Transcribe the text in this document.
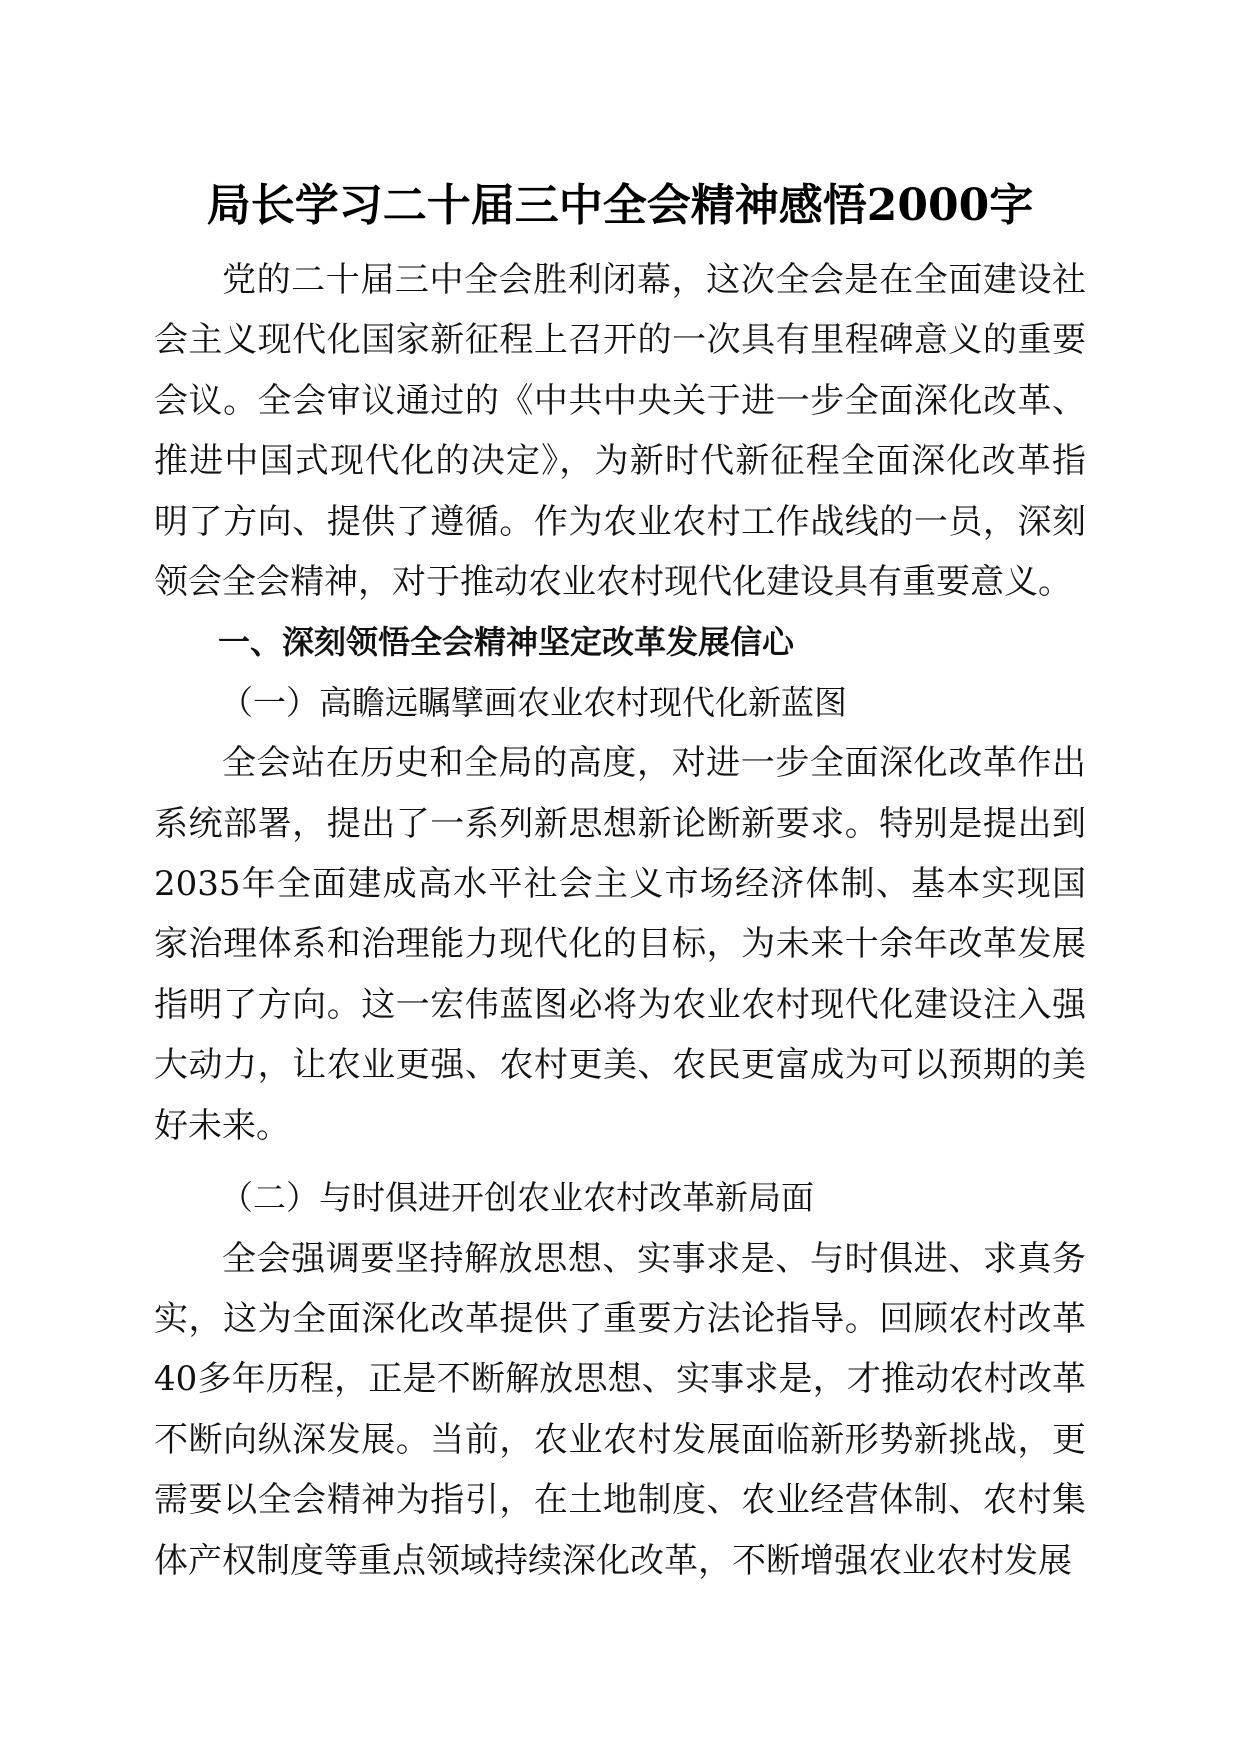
局长学习二十届三中全会精神感悟2000字

党的二十届三中全会胜利闭幕，这次全会是在全面建设社会主义现代化国家新征程上召开的一次具有里程碑意义的重要会议。全会审议通过的《中共中央关于进一步全面深化改革、推进中国式现代化的决定》，为新时代新征程全面深化改革指明了方向、提供了遵循。作为农业农村工作战线的一员，深刻领会全会精神，对于推动农业农村现代化建设具有重要意义。

一、深刻领悟全会精神坚定改革发展信心

（一）高瞻远瞩擘画农业农村现代化新蓝图

全会站在历史和全局的高度，对进一步全面深化改革作出系统部署，提出了一系列新思想新论断新要求。特别是提出到2035年全面建成高水平社会主义市场经济体制、基本实现国家治理体系和治理能力现代化的目标，为未来十余年改革发展指明了方向。这一宏伟蓝图必将为农业农村现代化建设注入强大动力，让农业更强、农村更美、农民更富成为可以预期的美好未来。

（二）与时俱进开创农业农村改革新局面

全会强调要坚持解放思想、实事求是、与时俱进、求真务实，这为全面深化改革提供了重要方法论指导。回顾农村改革40多年历程，正是不断解放思想、实事求是，才推动农村改革不断向纵深发展。当前，农业农村发展面临新形势新挑战，更需要以全会精神为指引，在土地制度、农业经营体制、农村集体产权制度等重点领域持续深化改革，不断增强农业农村发展
